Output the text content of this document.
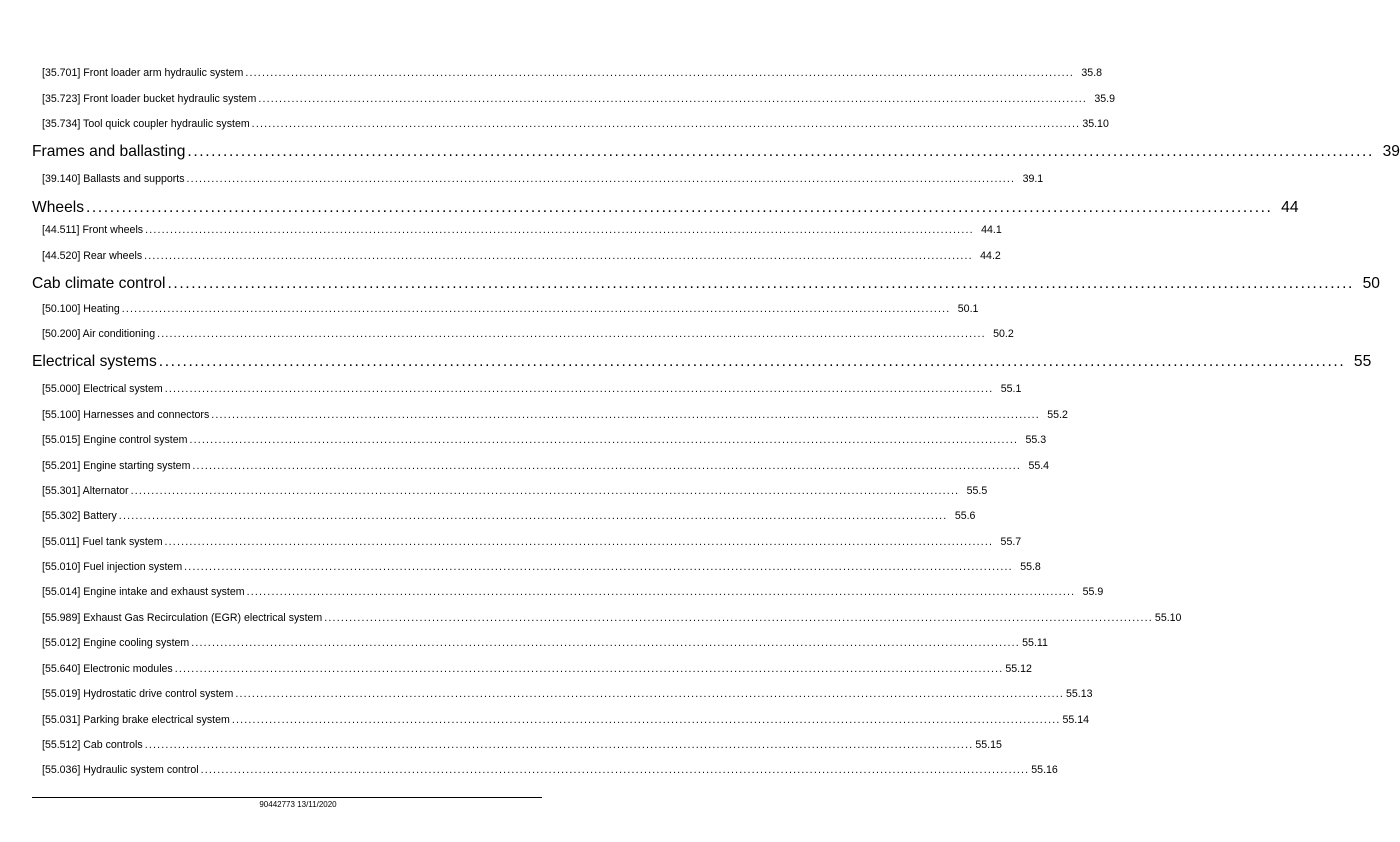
[35.701] Front loader arm hydraulic system ........................................................................................................................................................................................................ 35.8
[35.723] Front loader bucket hydraulic system ........................................................................................................................................................................................................ 35.9
[35.734] Tool quick coupler hydraulic system ........................................................................................................................................................................................................ 35.10
Frames and ballasting ........................................................................................................................................................................................................ 39
[39.140] Ballasts and supports ........................................................................................................................................................................................................ 39.1
Wheels ........................................................................................................................................................................................................ 44
[44.511] Front wheels ........................................................................................................................................................................................................ 44.1
[44.520] Rear wheels ........................................................................................................................................................................................................ 44.2
Cab climate control ........................................................................................................................................................................................................ 50
[50.100] Heating ........................................................................................................................................................................................................ 50.1
[50.200] Air conditioning ........................................................................................................................................................................................................ 50.2
Electrical systems ........................................................................................................................................................................................................ 55
[55.000] Electrical system ........................................................................................................................................................................................................ 55.1
[55.100] Harnesses and connectors ........................................................................................................................................................................................................ 55.2
[55.015] Engine control system ........................................................................................................................................................................................................ 55.3
[55.201] Engine starting system ........................................................................................................................................................................................................ 55.4
[55.301] Alternator ........................................................................................................................................................................................................ 55.5
[55.302] Battery ........................................................................................................................................................................................................ 55.6
[55.011] Fuel tank system ........................................................................................................................................................................................................ 55.7
[55.010] Fuel injection system ........................................................................................................................................................................................................ 55.8
[55.014] Engine intake and exhaust system ........................................................................................................................................................................................................ 55.9
[55.989] Exhaust Gas Recirculation (EGR) electrical system ........................................................................................................................................................................................................ 55.10
[55.012] Engine cooling system ........................................................................................................................................................................................................ 55.11
[55.640] Electronic modules ........................................................................................................................................................................................................ 55.12
[55.019] Hydrostatic drive control system ........................................................................................................................................................................................................ 55.13
[55.031] Parking brake electrical system ........................................................................................................................................................................................................ 55.14
[55.512] Cab controls ........................................................................................................................................................................................................ 55.15
[55.036] Hydraulic system control ........................................................................................................................................................................................................ 55.16
90442773 13/11/2020
